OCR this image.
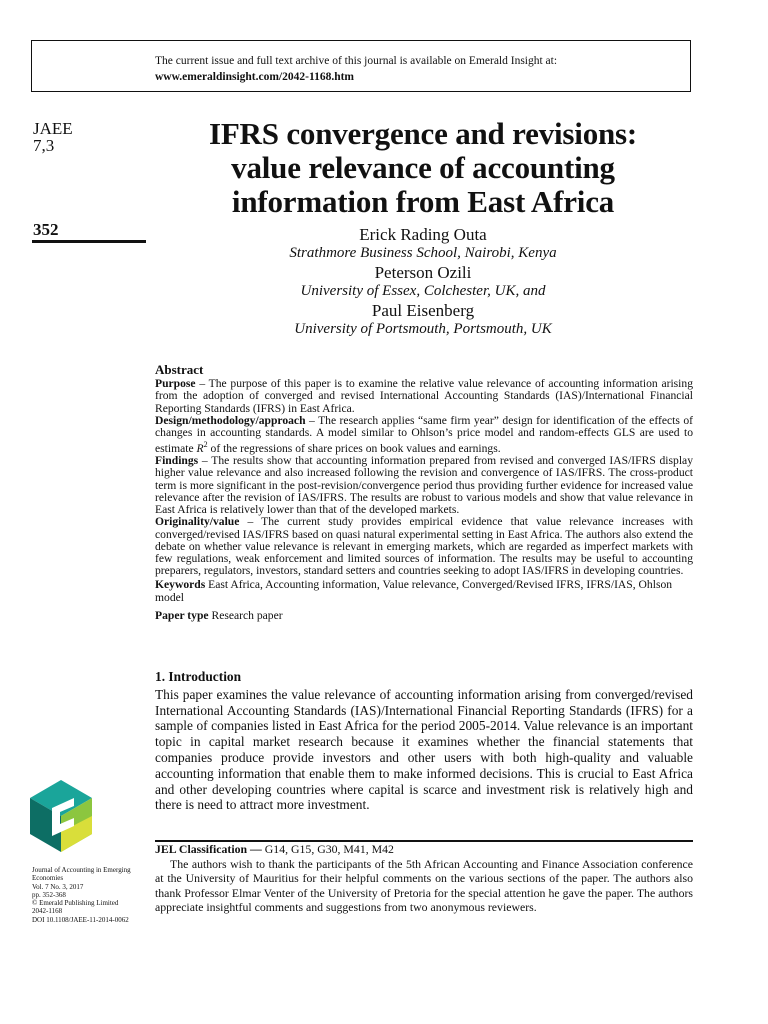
The current issue and full text archive of this journal is available on Emerald Insight at:
www.emeraldinsight.com/2042-1168.htm
JAEE
7,3
352
IFRS convergence and revisions:
value relevance of accounting
information from East Africa
Erick Rading Outa
Strathmore Business School, Nairobi, Kenya
Peterson Ozili
University of Essex, Colchester, UK, and
Paul Eisenberg
University of Portsmouth, Portsmouth, UK
Abstract

Purpose – The purpose of this paper is to examine the relative value relevance of accounting information arising from the adoption of converged and revised International Accounting Standards (IAS)/International Financial Reporting Standards (IFRS) in East Africa.

Design/methodology/approach – The research applies “same firm year” design for identification of the effects of changes in accounting standards. A model similar to Ohlson’s price model and random-effects GLS are used to estimate $R^2$ of the regressions of share prices on book values and earnings.

Findings – The results show that accounting information prepared from revised and converged IAS/IFRS display higher value relevance and also increased following the revision and convergence of IAS/IFRS. The cross-product term is more significant in the post-revision/convergence period thus providing further evidence for increased value relevance after the revision of IAS/IFRS. The results are robust to various models and show that value relevance in East Africa is relatively lower than that of the developed markets.

Originality/value – The current study provides empirical evidence that value relevance increases with converged/revised IAS/IFRS based on quasi natural experimental setting in East Africa. The authors also extend the debate on whether value relevance is relevant in emerging markets, which are regarded as imperfect markets with few regulations, weak enforcement and limited sources of information. The results may be useful to accounting preparers, regulators, investors, standard setters and countries seeking to adopt IAS/IFRS in developing countries.

Keywords East Africa, Accounting information, Value relevance, Converged/Revised IFRS, IFRS/IAS, Ohlson model

Paper type Research paper

1. Introduction

This paper examines the value relevance of accounting information arising from converged/revised International Accounting Standards (IAS)/International Financial Reporting Standards (IFRS) for a sample of companies listed in East Africa for the period 2005-2014. Value relevance is an important topic in capital market research because it examines whether the financial statements that companies produce provide investors and other users with both high-quality and valuable accounting information that enable them to make informed decisions. This is crucial to East Africa and other developing countries where capital is scarce and investment risk is relatively high and there is need to attract more investment.

JEL Classification — G14, G15, G30, M41, M42

The authors wish to thank the participants of the 5th African Accounting and Finance Association conference at the University of Mauritius for their helpful comments on the various sections of the paper. The authors also thank Professor Elmar Venter of the University of Pretoria for the special attention he gave the paper. The authors appreciate insightful comments and suggestions from two anonymous reviewers.

Journal of Accounting in Emerging Economies
Vol. 7 No. 3, 2017
pp. 352-368
© Emerald Publishing Limited
2042-1168
DOI 10.1108/JAEE-11-2014-0062
